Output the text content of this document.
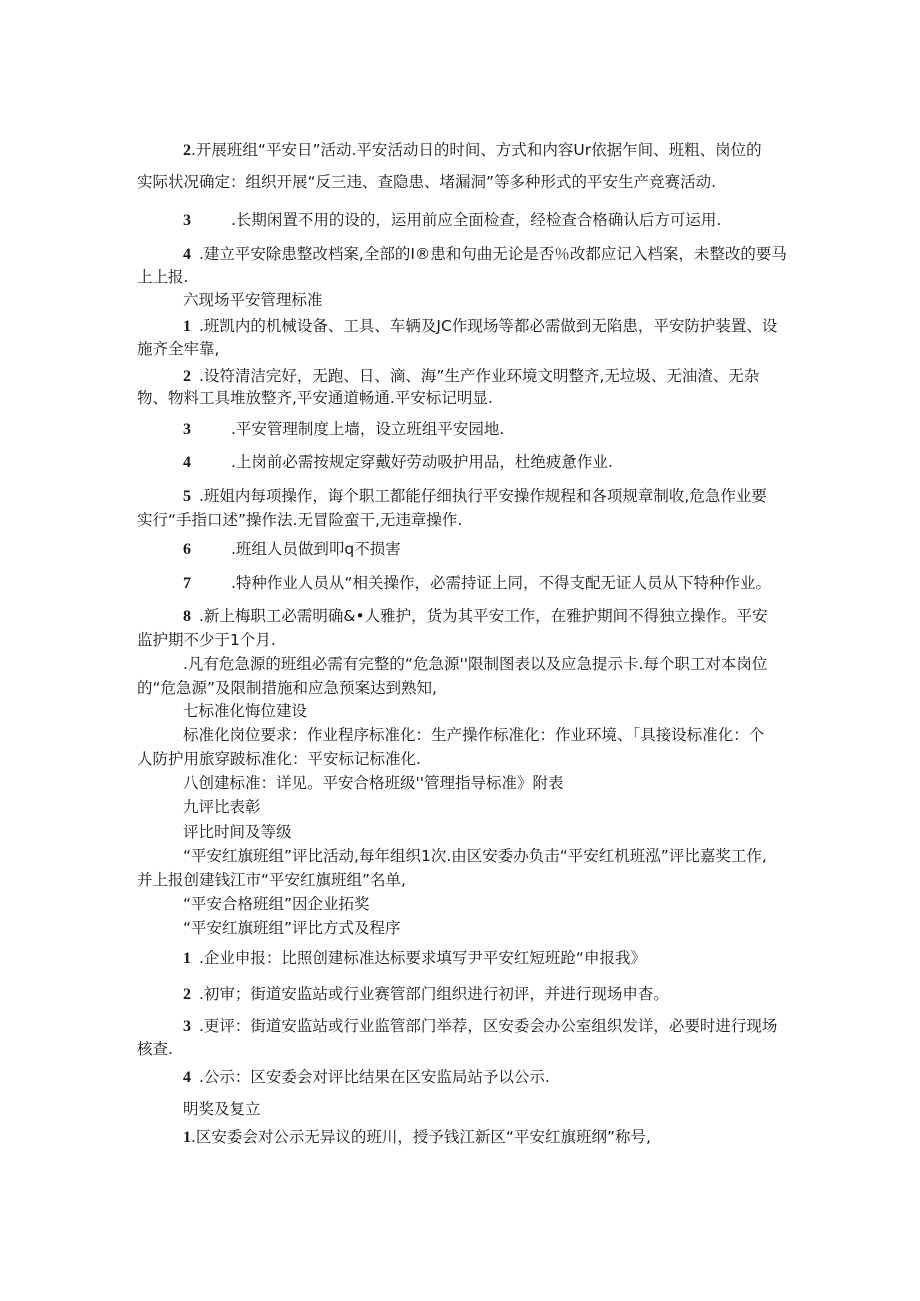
2.开展班组“平安日”活动.平安活动日的时间、方式和内容Ur依据乍间、班粗、岗位的
实际状况确定：组织开展“反三违、查隐患、堵漏洞”等多种形式的平安生产竞赛活动.
3	.长期闲置不用的设的，运用前应全面检查，经检查合格确认后方可运用.
4 .建立平安除患整改档案,全部的I®患和句曲无论是否％改都应记入档案，未整改的要马
上上报.
六现场平安管理标准
1 .班凯内的机械设备、工具、车辆及JC作现场等都必需做到无陷患，平安防护装置、设
施齐全牢靠,
2 .设符清洁完好，无跑、日、滴、海”生产作业环境文明整齐,无垃圾、无油渣、无杂
物、物料工具堆放整齐,平安通道畅通.平安标记明显.
3	.平安管理制度上墙，设立班组平安园地.
4	.上岗前必需按规定穿戴好劳动吸护用品，杜绝疲惫作业.
5 .班姐内每项操作，诲个职工都能仔细执行平安操作规程和各项规章制收,危急作业要
实行“手指口述”操作法.无冒险蛮干,无违章操作.
6	.班组人员做到叩q不损害
7	.特种作业人员从“相关操作，必需持证上同，不得支配无证人员从下特种作业。
8 .新上梅职工必需明确&•人雅护，货为其平安工作，在雅护期间不得独立操作。平安
监护期不少于1个月.
.凡有危急源的班组必需有完整的“危急源''限制图表以及应急提示卡.每个职工对本岗位
的“危急源”及限制措施和应急预案达到熟知,
七标准化悔位建设
标准化岗位要求：作业程序标准化：生产操作标准化：作业环境、「具接设标准化：个
人防护用旅穿跛标准化：平安标记标准化.
八创建标准：详见。平安合格班级''管理指导标准》附表
九评比表彰
评比时间及等级
“平安红旗班组”评比活动,每年组织1次.由区安委办负击“平安红机班泓”评比嘉奖工作,
并上报创建钱江市“平安红旗班组”名单,
“平安合格班组”因企业拓奖
“平安红旗班组”评比方式及程序
1 .企业申报：比照创建标准达标要求填写尹平安红短班跄“申报我》
2 .初审；街道安监站或行业赛管部门组织进行初评，并进行现场申杳。
3 .更评：街道安监站或行业监管部门举荐，区安委会办公室组织发详，必要时进行现场
核查.
4 .公示：区安委会对评比结果在区安监局站予以公示.
明奖及复立
1.区安委会对公示无异议的班川，授予钱江新区“平安红旗班纲”称号,
